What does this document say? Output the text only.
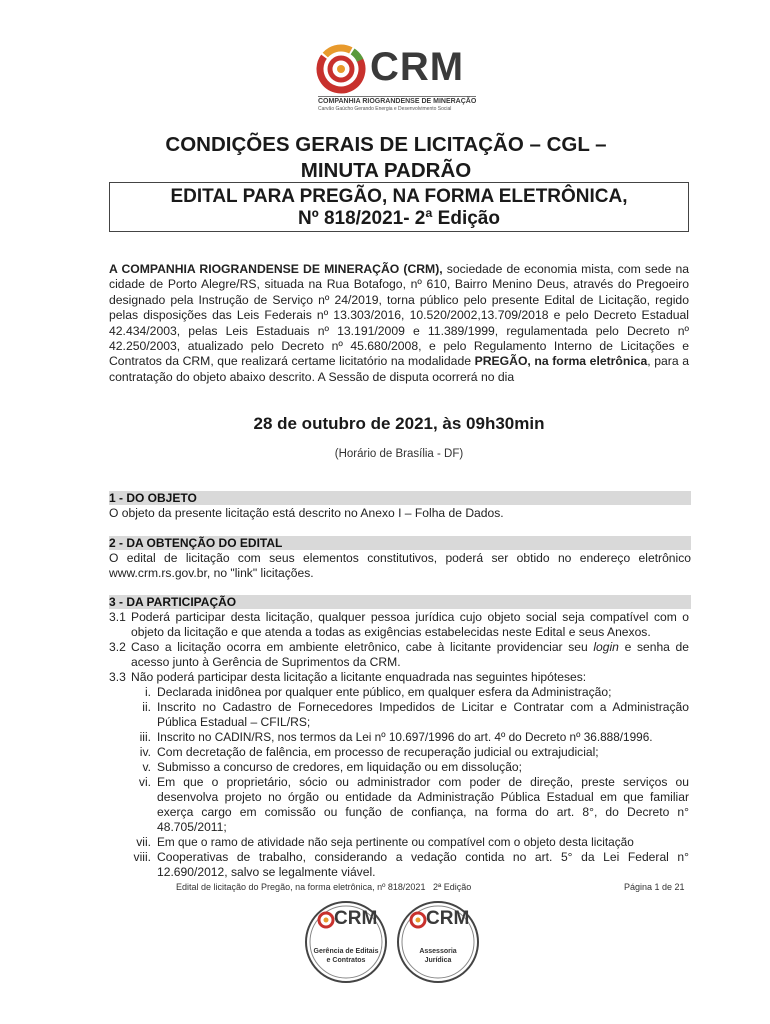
CRM
COMPANHIA RIOGRANDENSE DE MINERAÇÃO
Carvão Gaúcho Gerando Energia e Desenvolvimento Social
CONDIÇÕES GERAIS DE LICITAÇÃO – CGL –
MINUTA PADRÃO
EDITAL PARA PREGÃO, NA FORMA ELETRÔNICA,
Nº 818/2021- 2ª Edição
A COMPANHIA RIOGRANDENSE DE MINERAÇÃO (CRM), sociedade de economia mista, com sede na cidade de Porto Alegre/RS, situada na Rua Botafogo, nº 610, Bairro Menino Deus, através do Pregoeiro designado pela Instrução de Serviço nº 24/2019, torna público pelo presente Edital de Licitação, regido pelas disposições das Leis Federais nº 13.303/2016, 10.520/2002,13.709/2018 e pelo Decreto Estadual 42.434/2003, pelas Leis Estaduais nº 13.191/2009 e 11.389/1999, regulamentada pelo Decreto nº 42.250/2003, atualizado pelo Decreto nº 45.680/2008, e pelo Regulamento Interno de Licitações e Contratos da CRM, que realizará certame licitatório na modalidade PREGÃO, na forma eletrônica, para a contratação do objeto abaixo descrito. A Sessão de disputa ocorrerá no dia
28 de outubro de 2021, às 09h30min
(Horário de Brasília - DF)
1 - DO OBJETO
O objeto da presente licitação está descrito no Anexo I – Folha de Dados.
2 - DA OBTENÇÃO DO EDITAL
O edital de licitação com seus elementos constitutivos, poderá ser obtido no endereço eletrônico www.crm.rs.gov.br, no "link" licitações.
3 - DA PARTICIPAÇÃO
3.1 Poderá participar desta licitação, qualquer pessoa jurídica cujo objeto social seja compatível com o objeto da licitação e que atenda a todas as exigências estabelecidas neste Edital e seus Anexos.
3.2 Caso a licitação ocorra em ambiente eletrônico, cabe à licitante providenciar seu login e senha de acesso junto à Gerência de Suprimentos da CRM.
3.3 Não poderá participar desta licitação a licitante enquadrada nas seguintes hipóteses:
i. Declarada inidônea por qualquer ente público, em qualquer esfera da Administração;
ii. Inscrito no Cadastro de Fornecedores Impedidos de Licitar e Contratar com a Administração Pública Estadual – CFIL/RS;
iii. Inscrito no CADIN/RS, nos termos da Lei nº 10.697/1996 do art. 4º do Decreto nº 36.888/1996.
iv. Com decretação de falência, em processo de recuperação judicial ou extrajudicial;
v. Submisso a concurso de credores, em liquidação ou em dissolução;
vi. Em que o proprietário, sócio ou administrador com poder de direção, preste serviços ou desenvolva projeto no órgão ou entidade da Administração Pública Estadual em que familiar exerça cargo em comissão ou função de confiança, na forma do art. 8°, do Decreto n° 48.705/2011;
vii. Em que o ramo de atividade não seja pertinente ou compatível com o objeto desta licitação
viii. Cooperativas de trabalho, considerando a vedação contida no art. 5° da Lei Federal n° 12.690/2012, salvo se legalmente viável.
Edital de licitação do Pregão, na forma eletrônica, nº 818/2021   2ª Edição	Página 1 de 21
CRM
Gerência de Editais
e Contratos
CRM
Assessoria
Jurídica
